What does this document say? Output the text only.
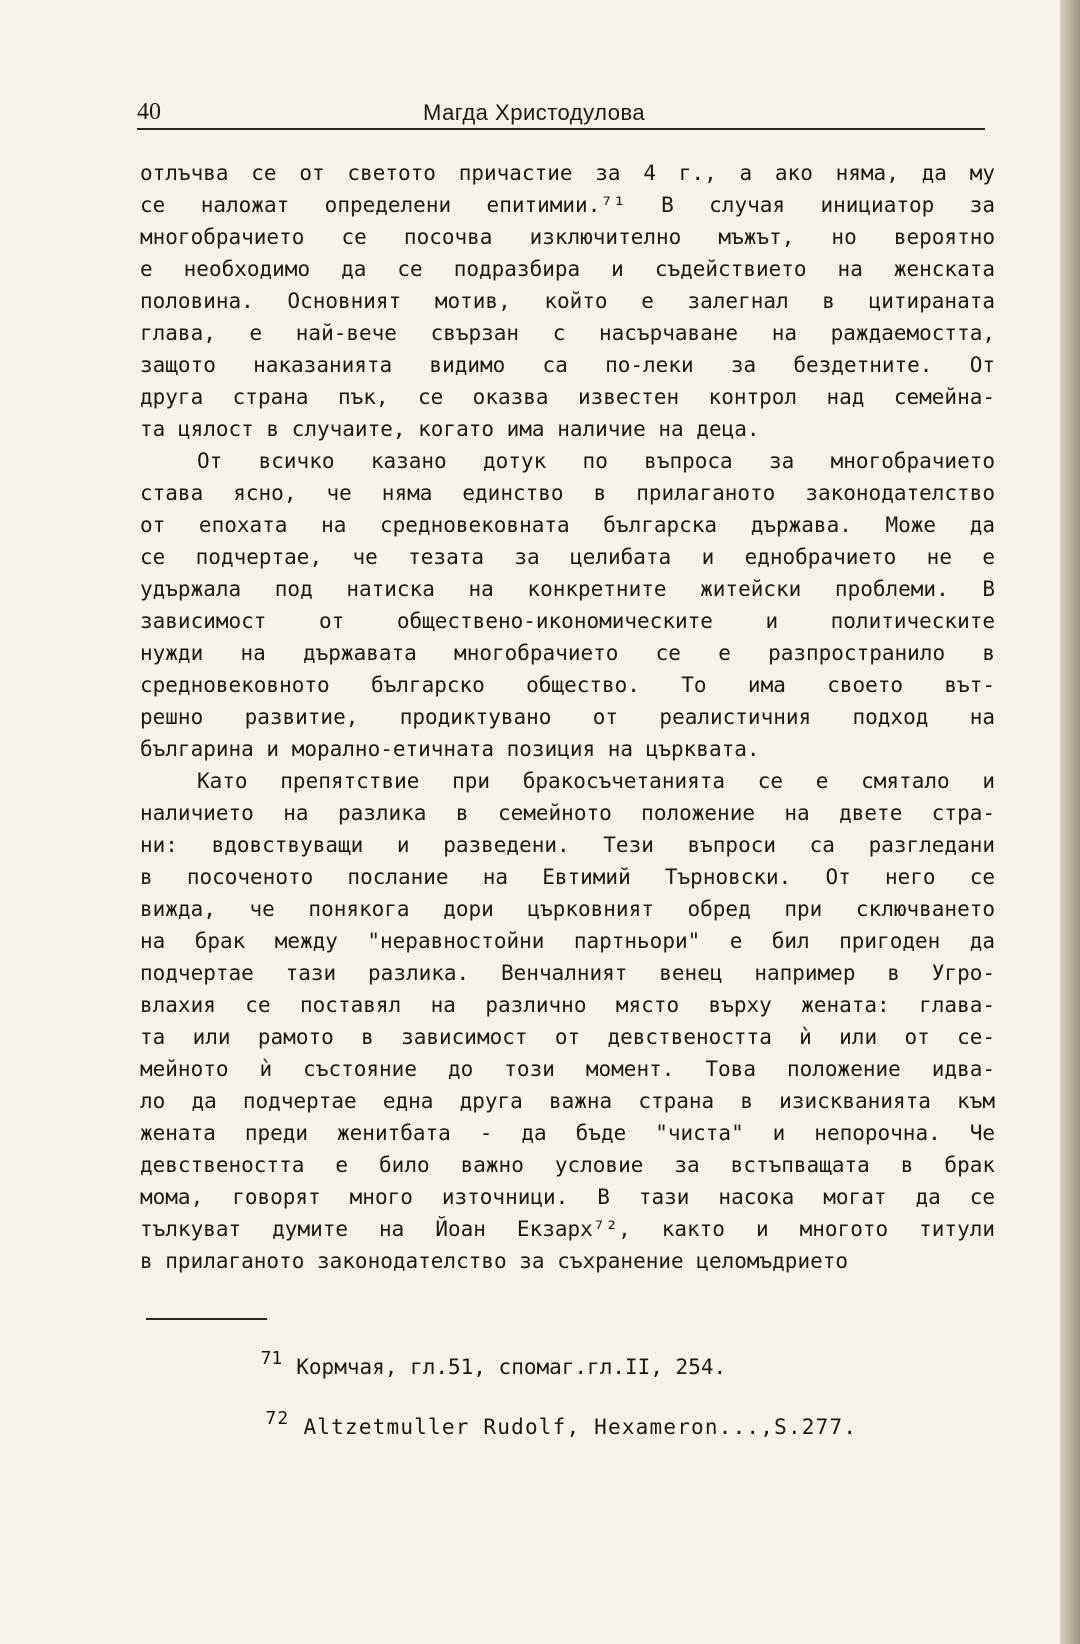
40	Магда Христодулова
отлъчва се от светото причастие за 4 г., а ако няма, да му
се наложат определени епитимии.⁷¹ В случая инициатор за
многобрачието се посочва изключително мъжът, но вероятно
е необходимо да се подразбира и съдействието на женската
половина. Основният мотив, който е залегнал в цитираната
глава, е най-вече свързан с насърчаване на раждаемостта,
защото наказанията видимо са по-леки за бездетните. От
друга страна пък, се оказва известен контрол над семейна-
та цялост в случаите, когато има наличие на деца.
От всичко казано дотук по въпроса за многобрачието
става ясно, че няма единство в прилаганото законодателство
от епохата на средновековната българска държава. Може да
се подчертае, че тезата за целибата и еднобрачието не е
удържала под натиска на конкретните житейски проблеми. В
зависимост от обществено-икономическите и политическите
нужди на държавата многобрачието се е разпространило в
средновековното българско общество. То има своето вът-
решно развитие, продиктувано от реалистичния подход на
българина и морално-етичната позиция на църквата.
Като препятствие при бракосъчетанията се е смятало и
наличието на разлика в семейното положение на двете стра-
ни: вдовствуващи и разведени. Тези въпроси са разгледани
в посоченото послание на Евтимий Търновски. От него се
вижда, че понякога дори църковният обред при сключването
на брак между "неравностойни партньори" е бил пригоден да
подчертае тази разлика. Венчалният венец например в Угро-
влахия се поставял на различно място върху жената: глава-
та или рамото в зависимост от девствеността ѝ или от се-
мейното ѝ състояние до този момент. Това положение идва-
ло да подчертае една друга важна страна в изискванията към
жената преди женитбата - да бъде "чиста" и непорочна. Че
девствеността е било важно условие за встъпващата в брак
мома, говорят много източници. В тази насока могат да се
тълкуват думите на Йоан Екзарх⁷², както и многото титули
в прилаганото законодателство за съхранение целомъдрието

71 Кормчая, гл.51, спомаг.гл.II, 254.

72 Altzetmuller Rudolf, Hexameron...,S.277.
